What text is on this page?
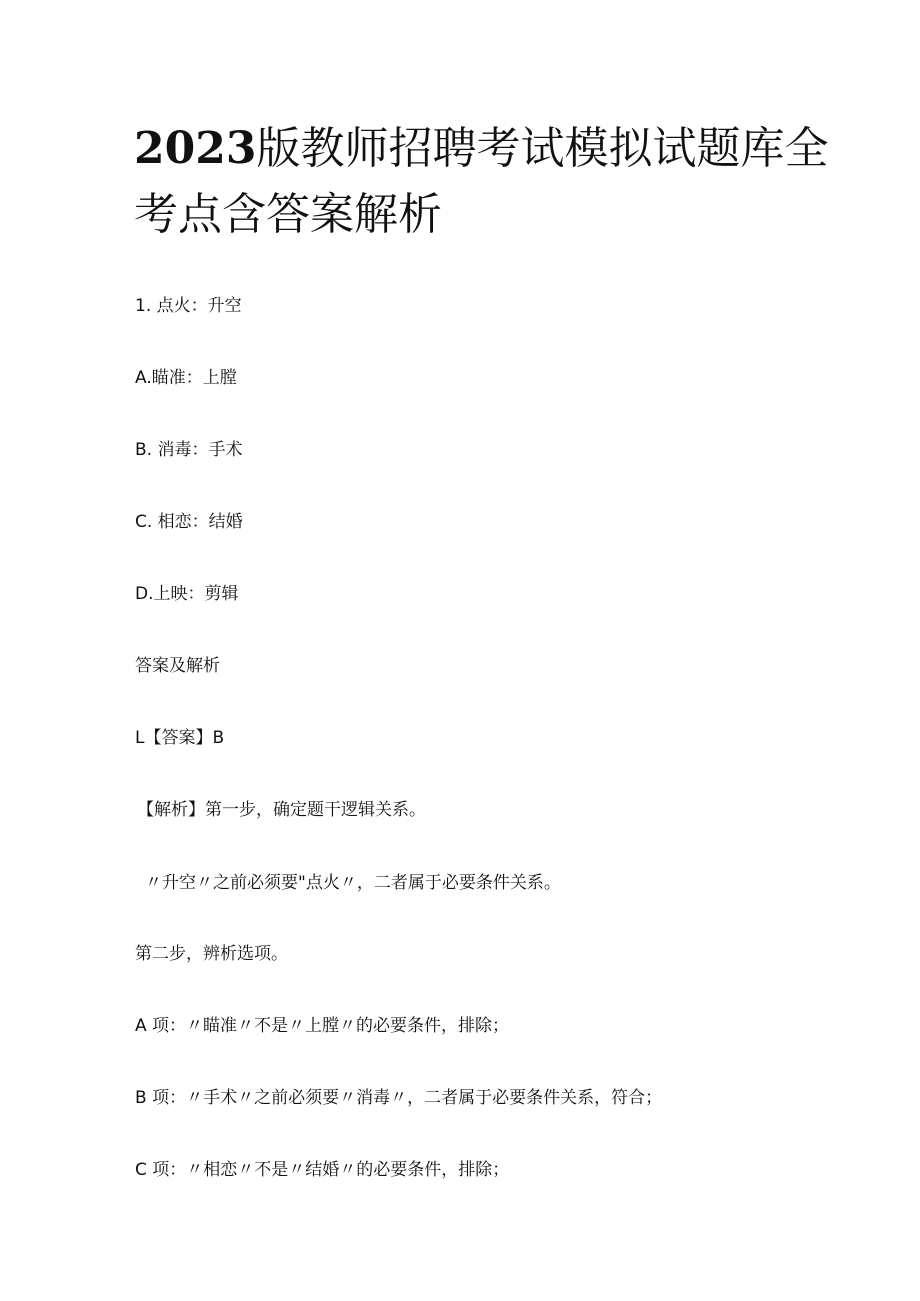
2023版教师招聘考试模拟试题库全
考点含答案解析

1. 点火：升空

A.瞄准：上膛

B. 消毒：手术

C. 相恋：结婚

D.上映：剪辑

答案及解析

L【答案】B

【解析】第一步，确定题干逻辑关系。

〃升空〃之前必须要"点火〃，二者属于必要条件关系。

第二步，辨析选项。

A 项：〃瞄准〃不是〃上膛〃的必要条件，排除；

B 项：〃手术〃之前必须要〃消毒〃，二者属于必要条件关系，符合；

C 项：〃相恋〃不是〃结婚〃的必要条件，排除；
